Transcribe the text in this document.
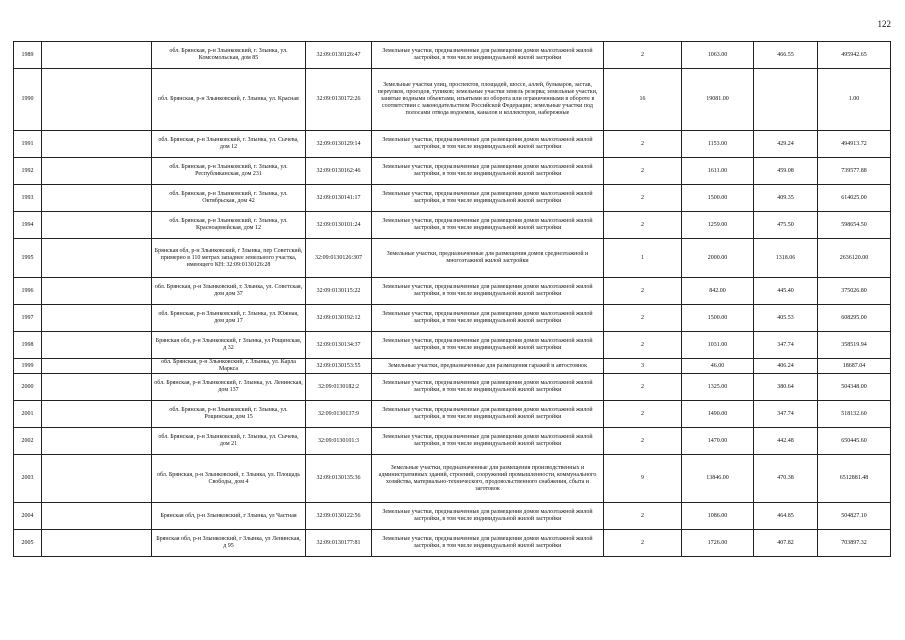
122
1989		обл. Брянская, р-н Злынковский, г. Злынка, ул. Комсомольская, дом 85	32:09:0130126:47	Земельные участки, предназначенные для размещения домов малоэтажной жилой застройки, в том числе индивидуальной жилой застройки	2	1063.00	466.55	495942.65
1990		обл. Брянская, р-н Злынковский, г. Злынка, ул. Красная	32:09:0130172:26	Земельные участки улиц, проспектов, площадей, шоссе, аллей, бульваров, застав, переулков, проездов, тупиков; земельные участки земель резерва; земельные участки, занятые водными объектами, изъятыми из оборота или ограниченными в обороте в соответствии с законодательством Российской Федерации; земельные участки под полосами отвода водоемов, каналов и коллекторов, набережные	16	19081.00		1.00
1991		обл. Брянская, р-н Злынковский, г. Злынка, ул. Сычева, дом 12	32:09:0130129:14	Земельные участки, предназначенные для размещения домов малоэтажной жилой застройки, в том числе индивидуальной жилой застройки	2	1153.00	429.24	494913.72
1992		обл. Брянская, р-н Злынковский, г. Злынка, ул. Республиканская, дом 231	32:09:0130162:46	Земельные участки, предназначенные для размещения домов малоэтажной жилой застройки, в том числе индивидуальной жилой застройки	2	1611.00	459.08	739577.88
1993		обл. Брянская, р-н Злынковский, г. Злынка, ул. Октябрьская, дом 42	32:09:0130141:17	Земельные участки, предназначенные для размещения домов малоэтажной жилой застройки, в том числе индивидуальной жилой застройки	2	1500.00	409.35	614025.00
1994		обл. Брянская, р-н Злынковский, г. Злынка, ул. Красноармейская, дом 12	32:09:0130101:24	Земельные участки, предназначенные для размещения домов малоэтажной жилой застройки, в том числе индивидуальной жилой застройки	2	1259.00	475.50	598654.50
1995		Брянская обл, р-н Злынковский, г Злынка, пер Советский, примерно в 110 метрах западнее земельного участка, имеющего КН: 32:09:0130126:28	32:09:0130126:307	Земельные участки, предназначенные для размещения домов среднеэтажной и многоэтажной жилой застройки	1	2000.00	1318.06	2636120.00
1996		обл. Брянская, р-н Злынковский, г. Злынка, ул. Советская, дом дом 37	32:09:0130115:22	Земельные участки, предназначенные для размещения домов малоэтажной жилой застройки, в том числе индивидуальной жилой застройки	2	842.00	445.40	375026.80
1997		обл. Брянская, р-н Злынковский, г. Злынка, ул. Южная, дом дом 17	32:09:0130192:12	Земельные участки, предназначенные для размещения домов малоэтажной жилой застройки, в том числе индивидуальной жилой застройки	2	1500.00	405.53	608295.00
1998		Брянская обл, р-н Злынковский, г Злынка, ул Рощинская, д 32	32:09:0130134:37	Земельные участки, предназначенные для размещения домов малоэтажной жилой застройки, в том числе индивидуальной жилой застройки	2	1031.00	347.74	358519.94
1999		обл. Брянская, р-н Злынковский, г. Злынка, ул. Карла Маркса	32:09:0130153:55	Земельные участки, предназначенные для размещения гаражей и автостоянок	3	46.00	406.24	18687.04
2000		обл. Брянская, р-н Злынковский, г. Злынка, ул. Ленинская, дом 137	32:09:0130182:2	Земельные участки, предназначенные для размещения домов малоэтажной жилой застройки, в том числе индивидуальной жилой застройки	2	1325.00	380.64	504348.00
2001		обл. Брянская, р-н Злынковский, г. Злынка, ул. Рощинская, дом 15	32:09:0130137:9	Земельные участки, предназначенные для размещения домов малоэтажной жилой застройки, в том числе индивидуальной жилой застройки	2	1490.00	347.74	518132.60
2002		обл. Брянская, р-н Злынковский, г. Злынка, ул. Сычева, дом 21	32:09:0130101:3	Земельные участки, предназначенные для размещения домов малоэтажной жилой застройки, в том числе индивидуальной жилой застройки	2	1470.00	442.48	650445.60
2003		обл. Брянская, р-н Злынковский, г. Злынка, ул. Площадь Свободы, дом 4	32:09:0130135:36	Земельные участки, предназначенные для размещения производственных и административных зданий, строений, сооружений промышленности, коммунального хозяйства, материально-технического, продовольственного снабжения, сбыта и заготовок	9	13846.00	470.38	6512881.48
2004		Брянская обл, р-н Злынковский, г Злынка, ул Частная	32:09:0130122:56	Земельные участки, предназначенные для размещения домов малоэтажной жилой застройки, в том числе индивидуальной жилой застройки	2	1086.00	464.85	504827.10
2005		Брянская обл, р-н Злынковский, г Злынка, ул Ленинская, д 95	32:09:0130177:81	Земельные участки, предназначенные для размещения домов малоэтажной жилой застройки, в том числе индивидуальной жилой застройки	2	1726.00	407.82	703897.32
